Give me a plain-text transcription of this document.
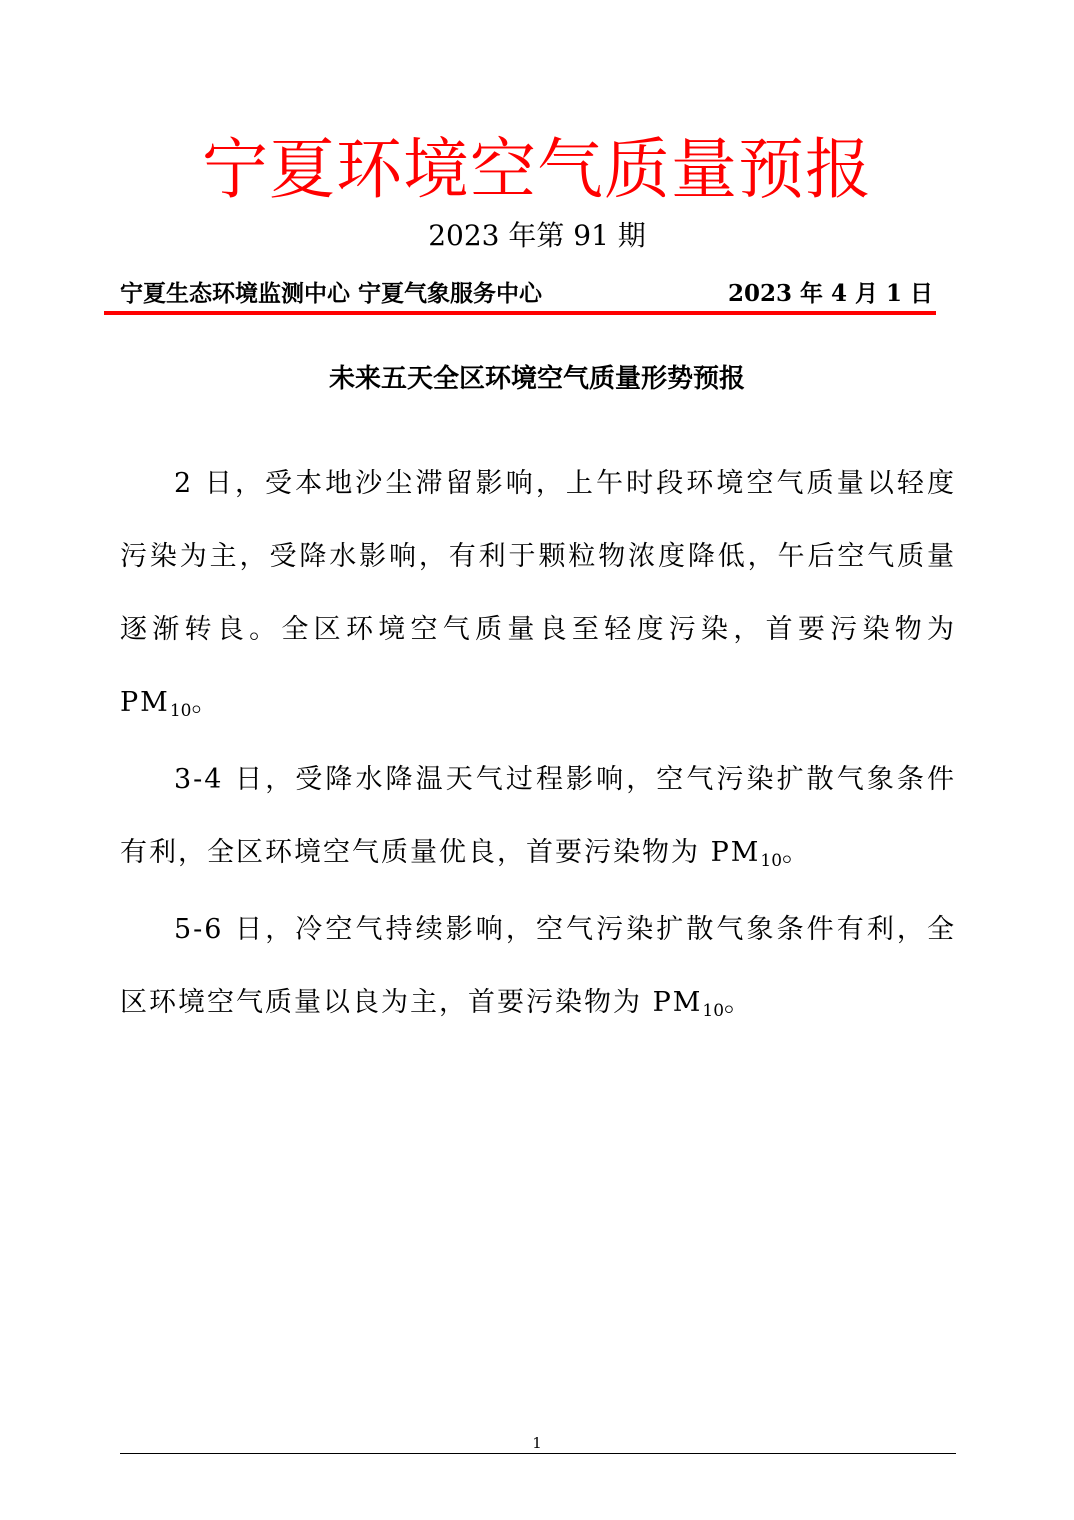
宁夏环境空气质量预报
2023 年第 91 期
宁夏生态环境监测中心 宁夏气象服务中心	2023 年 4 月 1 日
未来五天全区环境空气质量形势预报

2 日，受本地沙尘滞留影响，上午时段环境空气质量以轻度污染为主，受降水影响，有利于颗粒物浓度降低，午后空气质量逐渐转良。全区环境空气质量良至轻度污染，首要污染物为 $PM_{10}$。

3-4 日，受降水降温天气过程影响，空气污染扩散气象条件有利，全区环境空气质量优良，首要污染物为 $PM_{10}$。

5-6 日，冷空气持续影响，空气污染扩散气象条件有利，全区环境空气质量以良为主，首要污染物为 $PM_{10}$。

1
